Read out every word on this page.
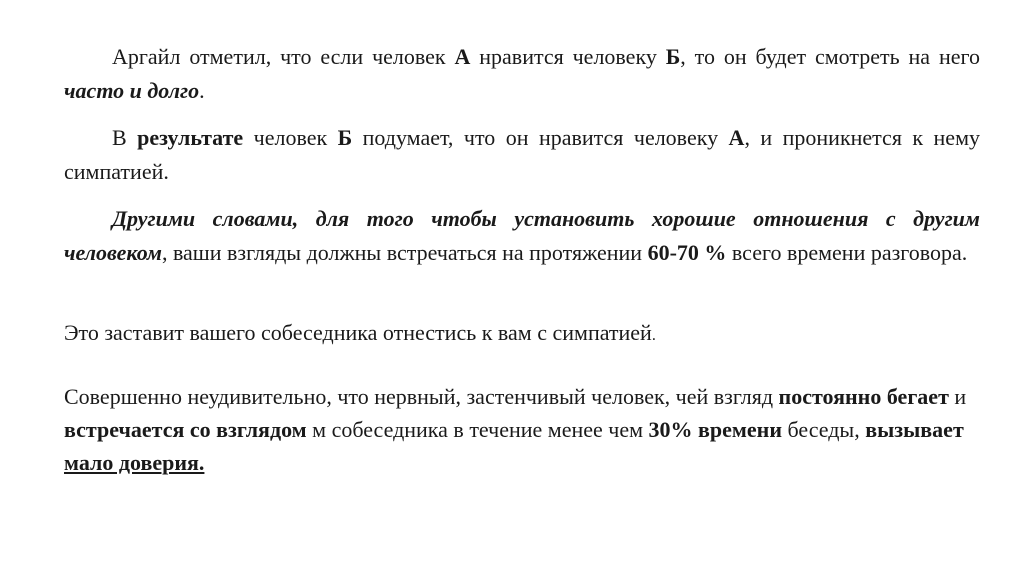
Аргайл отметил, что если человек А нравится человеку Б, то он будет смотреть на него часто и долго.

В результате человек Б подумает, что он нравится человеку А, и проникнется к нему симпатией.

Другими словами, для того чтобы установить хорошие отношения с другим человеком, ваши взгляды должны встречаться на протяжении 60-70 % всего времени разговора.

Это заставит вашего собеседника отнестись к вам с симпатией.

Совершенно неудивительно, что нервный, застенчивый человек, чей взгляд постоянно бегает и встречается со взглядом м собеседника в течение менее чем 30% времени беседы, вызывает мало доверия.
